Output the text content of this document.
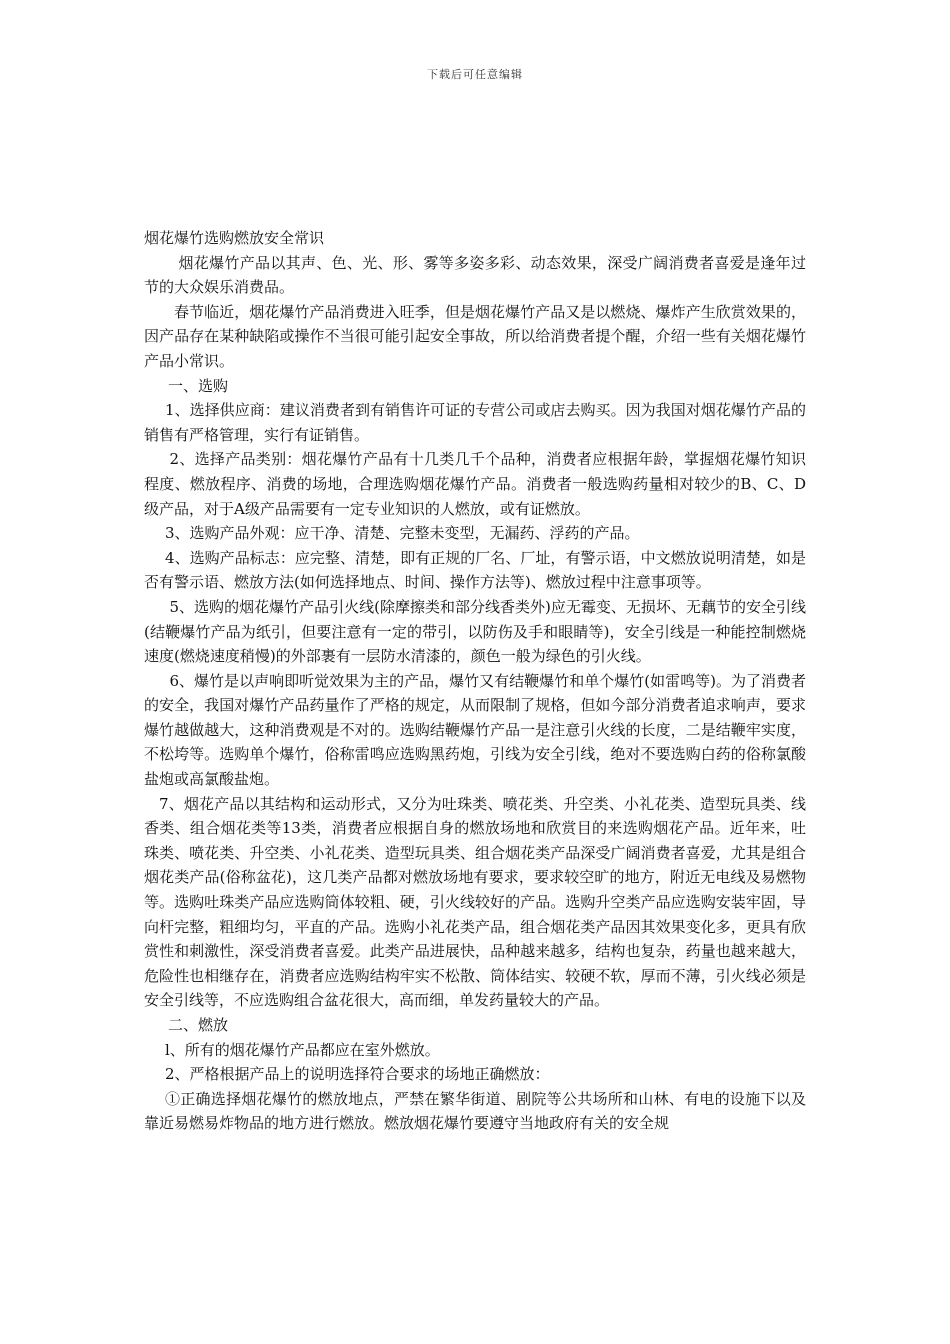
下载后可任意编辑

烟花爆竹选购燃放安全常识

烟花爆竹产品以其声、色、光、形、雾等多姿多彩、动态效果，深受广阔消费者喜爱是逢年过节的大众娱乐消费品。

春节临近，烟花爆竹产品消费进入旺季，但是烟花爆竹产品又是以燃烧、爆炸产生欣赏效果的，因产品存在某种缺陷或操作不当很可能引起安全事故，所以给消费者提个醒，介绍一些有关烟花爆竹产品小常识。

一、选购

1、选择供应商：建议消费者到有销售许可证的专营公司或店去购买。因为我国对烟花爆竹产品的销售有严格管理，实行有证销售。

2、选择产品类别：烟花爆竹产品有十几类几千个品种，消费者应根据年龄，掌握烟花爆竹知识程度、燃放程序、消费的场地，合理选购烟花爆竹产品。消费者一般选购药量相对较少的B、C、D级产品，对于A级产品需要有一定专业知识的人燃放，或有证燃放。

3、选购产品外观：应干净、清楚、完整未变型，无漏药、浮药的产品。

4、选购产品标志：应完整、清楚，即有正规的厂名、厂址，有警示语，中文燃放说明清楚，如是否有警示语、燃放方法(如何选择地点、时间、操作方法等)、燃放过程中注意事项等。

5、选购的烟花爆竹产品引火线(除摩擦类和部分线香类外)应无霉变、无损坏、无藕节的安全引线(结鞭爆竹产品为纸引，但要注意有一定的带引，以防伤及手和眼睛等)，安全引线是一种能控制燃烧速度(燃烧速度稍慢)的外部裹有一层防水清漆的，颜色一般为绿色的引火线。

6、爆竹是以声响即听觉效果为主的产品，爆竹又有结鞭爆竹和单个爆竹(如雷鸣等)。为了消费者的安全，我国对爆竹产品药量作了严格的规定，从而限制了规格，但如今部分消费者追求响声，要求爆竹越做越大，这种消费观是不对的。选购结鞭爆竹产品一是注意引火线的长度，二是结鞭牢实度，不松垮等。选购单个爆竹，俗称雷鸣应选购黑药炮，引线为安全引线，绝对不要选购白药的俗称氯酸盐炮或高氯酸盐炮。

7、烟花产品以其结构和运动形式，又分为吐珠类、喷花类、升空类、小礼花类、造型玩具类、线香类、组合烟花类等13类，消费者应根据自身的燃放场地和欣赏目的来选购烟花产品。近年来，吐珠类、喷花类、升空类、小礼花类、造型玩具类、组合烟花类产品深受广阔消费者喜爱，尤其是组合烟花类产品(俗称盆花)，这几类产品都对燃放场地有要求，要求较空旷的地方，附近无电线及易燃物等。选购吐珠类产品应选购筒体较粗、硬，引火线较好的产品。选购升空类产品应选购安装牢固，导向杆完整，粗细均匀，平直的产品。选购小礼花类产品，组合烟花类产品因其效果变化多，更具有欣赏性和刺激性，深受消费者喜爱。此类产品进展快，品种越来越多，结构也复杂，药量也越来越大，危险性也相继存在，消费者应选购结构牢实不松散、筒体结实、较硬不软，厚而不薄，引火线必须是安全引线等，不应选购组合盆花很大，高而细，单发药量较大的产品。

二、燃放

l、所有的烟花爆竹产品都应在室外燃放。

2、严格根据产品上的说明选择符合要求的场地正确燃放：

①正确选择烟花爆竹的燃放地点，严禁在繁华街道、剧院等公共场所和山林、有电的设施下以及靠近易燃易炸物品的地方进行燃放。燃放烟花爆竹要遵守当地政府有关的安全规
